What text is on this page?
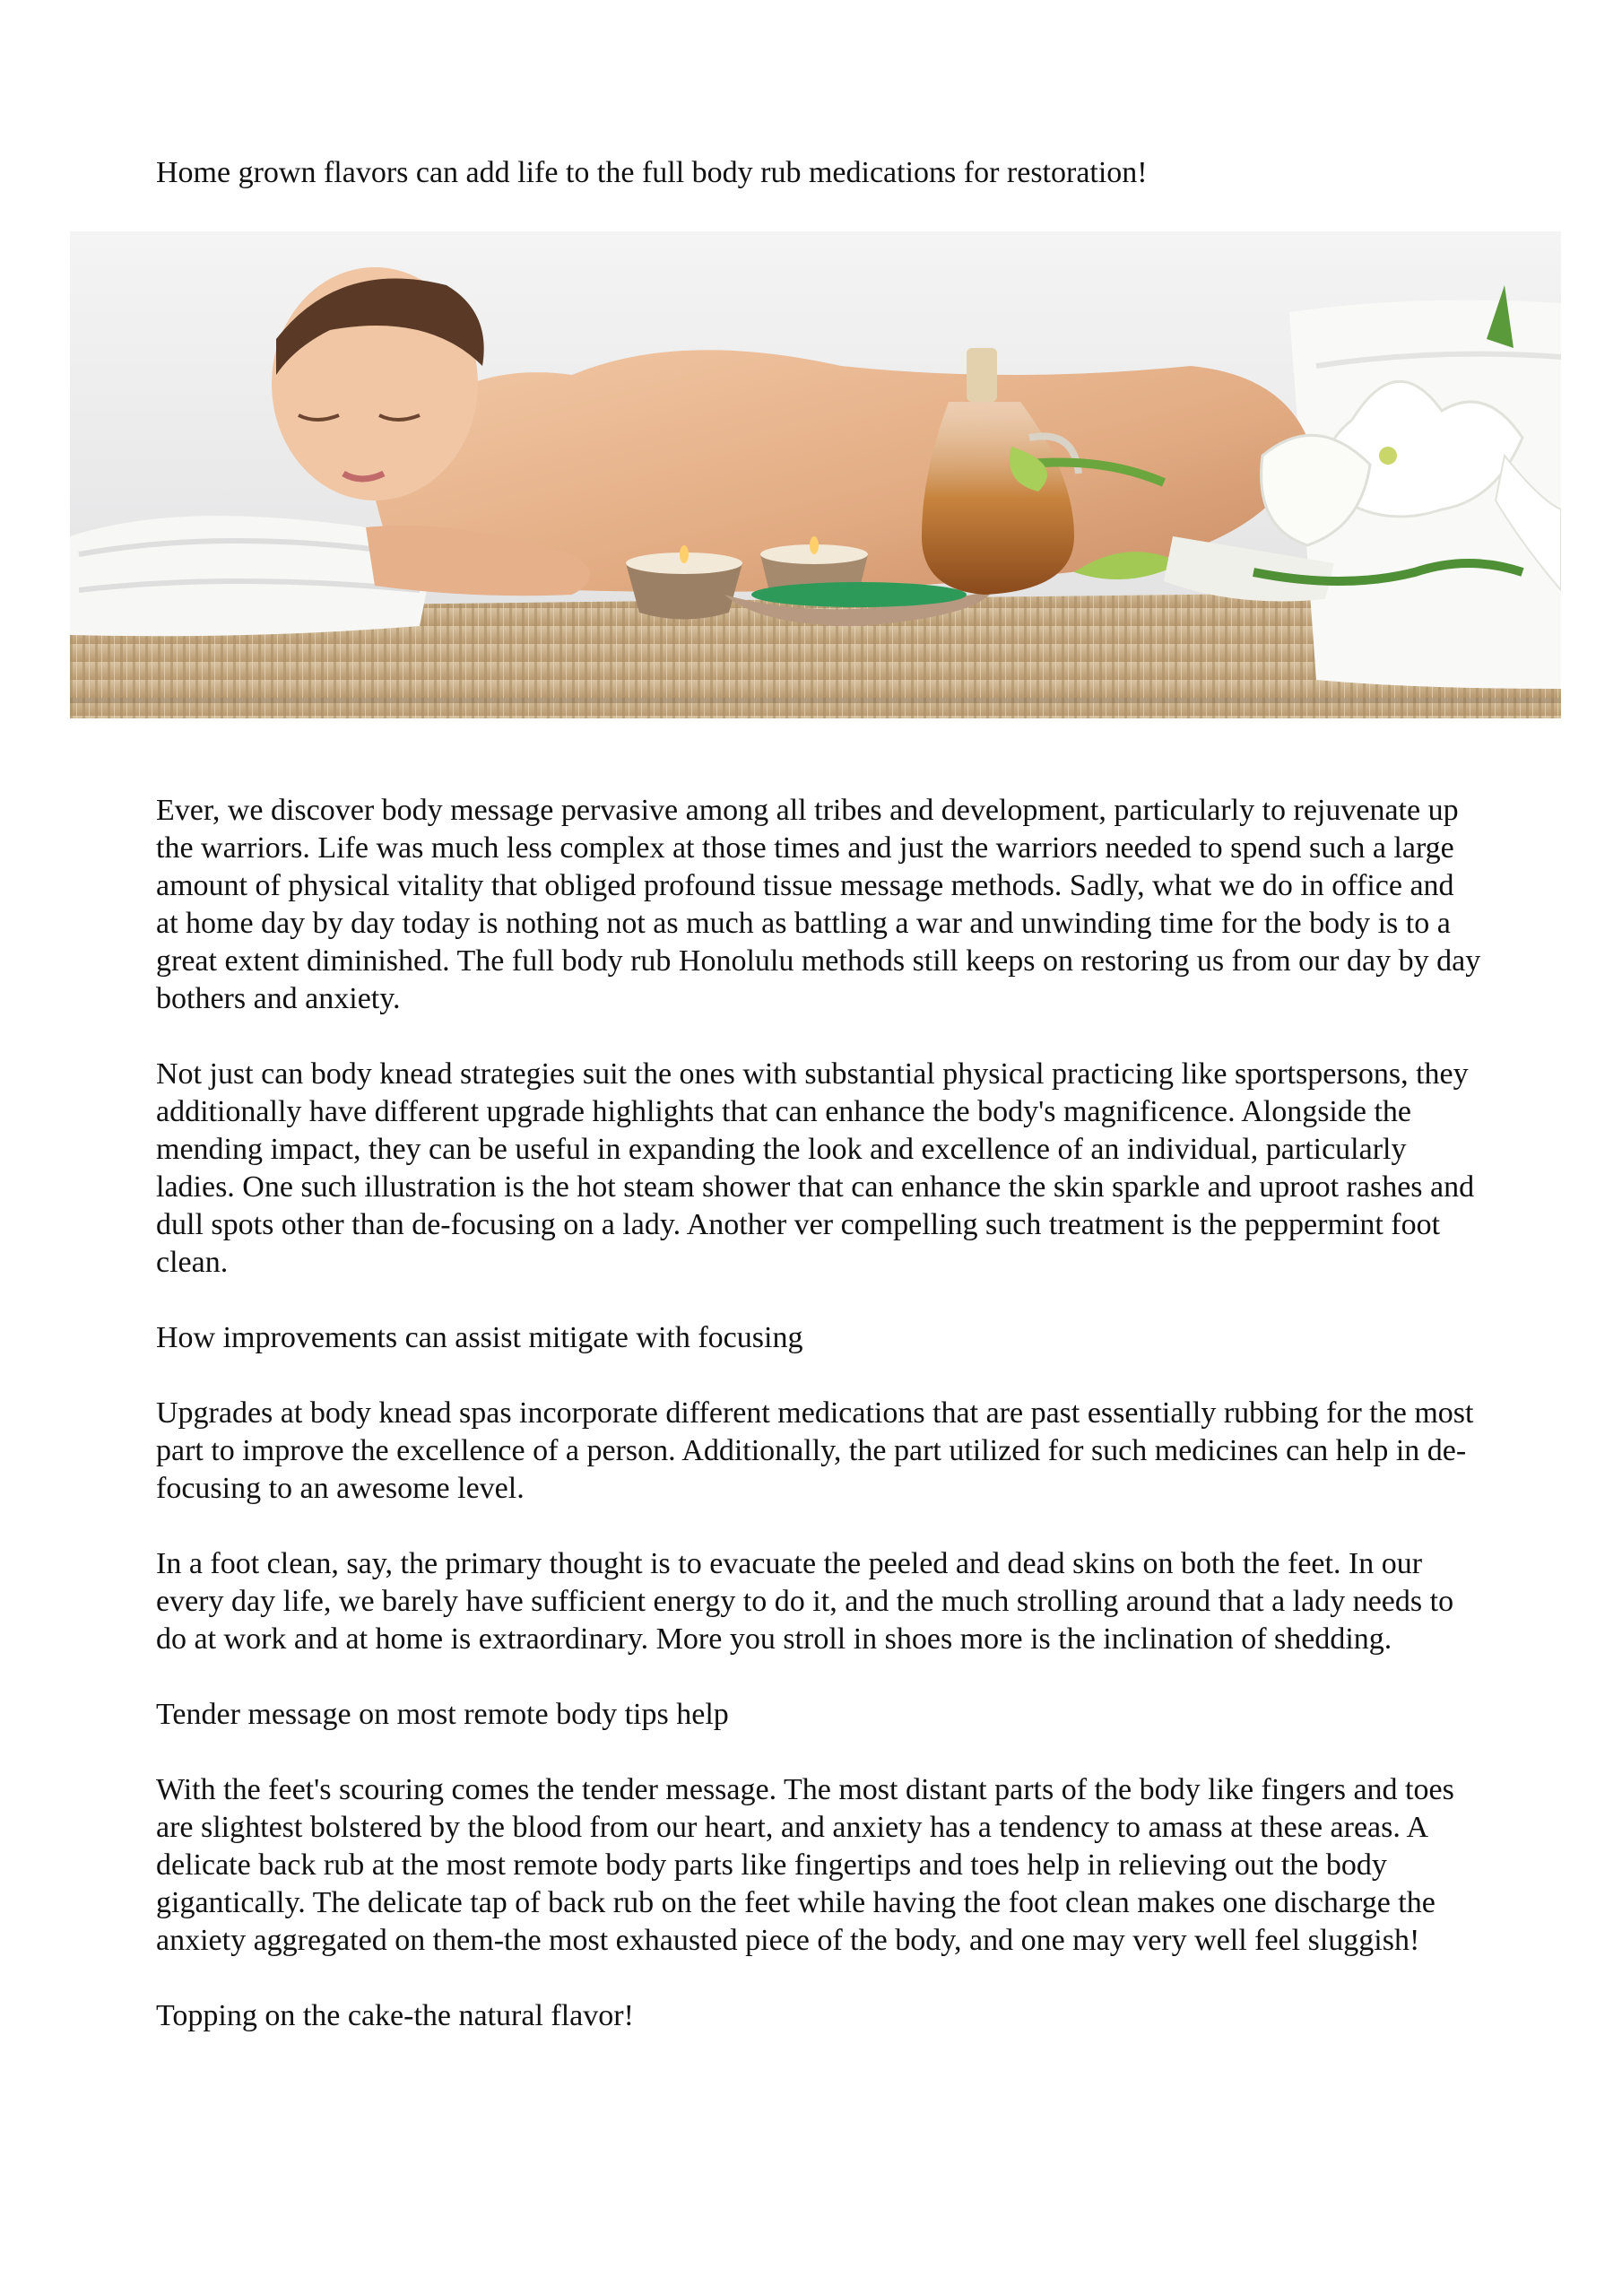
Home grown flavors can add life to the full body rub medications for restoration!

Ever, we discover body message pervasive among all tribes and development, particularly to rejuvenate up the warriors. Life was much less complex at those times and just the warriors needed to spend such a large amount of physical vitality that obliged profound tissue message methods. Sadly, what we do in office and at home day by day today is nothing not as much as battling a war and unwinding time for the body is to a great extent diminished. The full body rub Honolulu methods still keeps on restoring us from our day by day bothers and anxiety.

Not just can body knead strategies suit the ones with substantial physical practicing like sportspersons, they additionally have different upgrade highlights that can enhance the body's magnificence. Alongside the mending impact, they can be useful in expanding the look and excellence of an individual, particularly ladies. One such illustration is the hot steam shower that can enhance the skin sparkle and uproot rashes and dull spots other than de-focusing on a lady. Another ver compelling such treatment is the peppermint foot clean.

How improvements can assist mitigate with focusing

Upgrades at body knead spas incorporate different medications that are past essentially rubbing for the most part to improve the excellence of a person. Additionally, the part utilized for such medicines can help in de-focusing to an awesome level.

In a foot clean, say, the primary thought is to evacuate the peeled and dead skins on both the feet. In our every day life, we barely have sufficient energy to do it, and the much strolling around that a lady needs to do at work and at home is extraordinary. More you stroll in shoes more is the inclination of shedding.

Tender message on most remote body tips help

With the feet's scouring comes the tender message. The most distant parts of the body like fingers and toes are slightest bolstered by the blood from our heart, and anxiety has a tendency to amass at these areas. A delicate back rub at the most remote body parts like fingertips and toes help in relieving out the body gigantically. The delicate tap of back rub on the feet while having the foot clean makes one discharge the anxiety aggregated on them-the most exhausted piece of the body, and one may very well feel sluggish!

Topping on the cake-the natural flavor!
